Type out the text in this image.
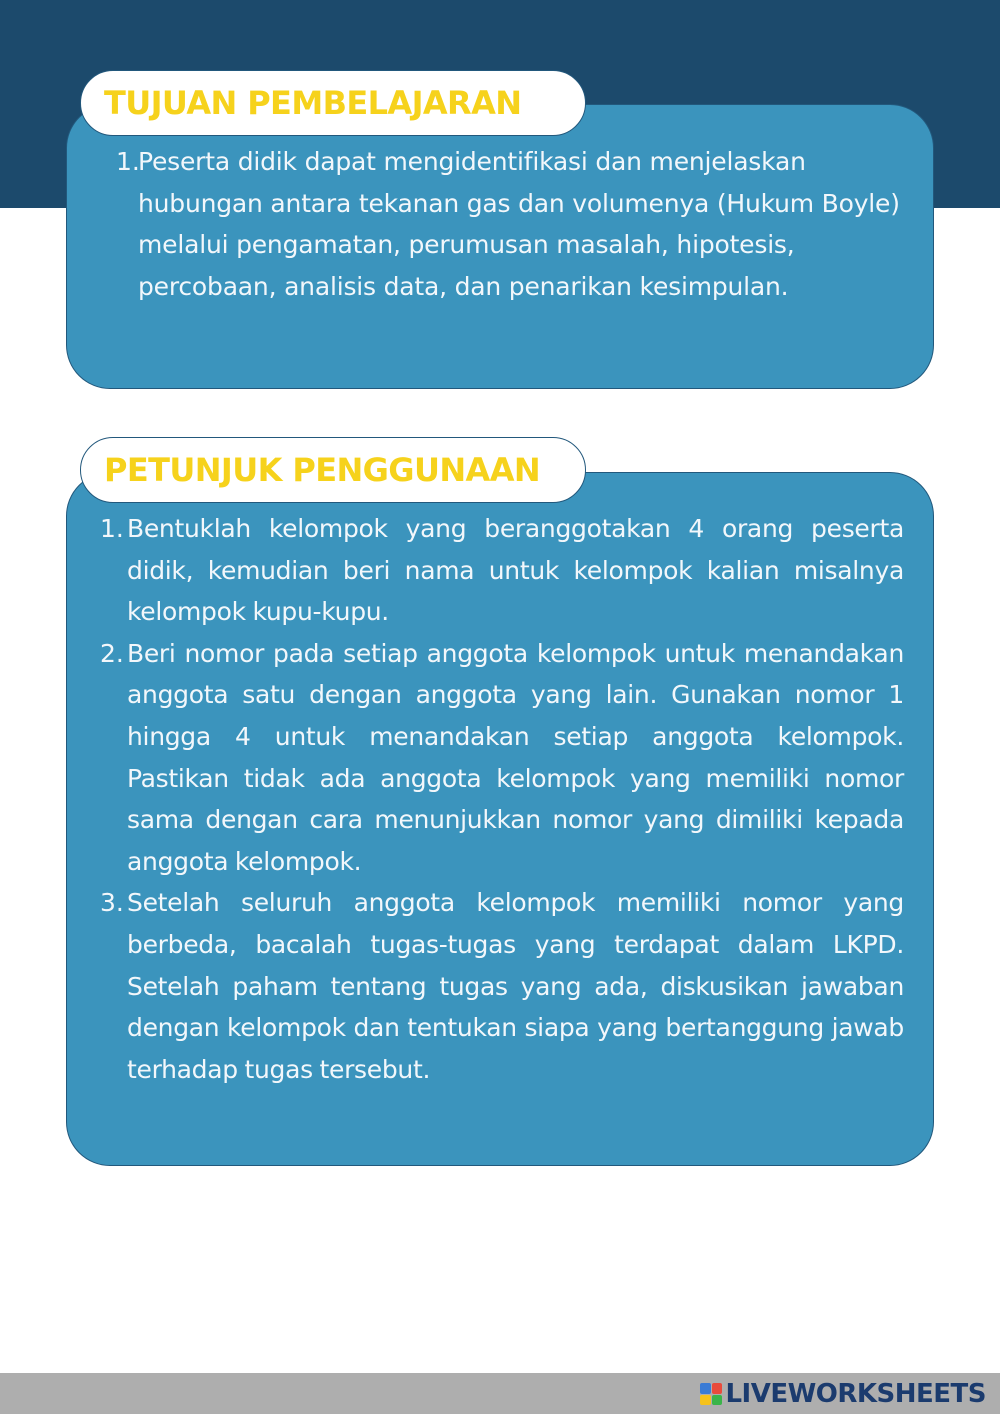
TUJUAN PEMBELAJARAN
1.
Peserta didik dapat mengidentifikasi dan menjelaskan hubungan antara tekanan gas dan volumenya (Hukum Boyle) melalui pengamatan, perumusan masalah, hipotesis, percobaan, analisis data, dan penarikan kesimpulan.
PETUNJUK PENGGUNAAN
1. Bentuklah kelompok yang beranggotakan 4 orang peserta didik, kemudian beri nama untuk kelompok kalian misalnya kelompok kupu-kupu.
2. Beri nomor pada setiap anggota kelompok untuk menandakan anggota satu dengan anggota yang lain. Gunakan nomor 1 hingga 4 untuk menandakan setiap anggota kelompok. Pastikan tidak ada anggota kelompok yang memiliki nomor sama dengan cara menunjukkan nomor yang dimiliki kepada anggota kelompok.
3. Setelah seluruh anggota kelompok memiliki nomor yang berbeda, bacalah tugas-tugas yang terdapat dalam LKPD. Setelah paham tentang tugas yang ada, diskusikan jawaban dengan kelompok dan tentukan siapa yang bertanggung jawab terhadap tugas tersebut.
LIVEWORKSHEETS
